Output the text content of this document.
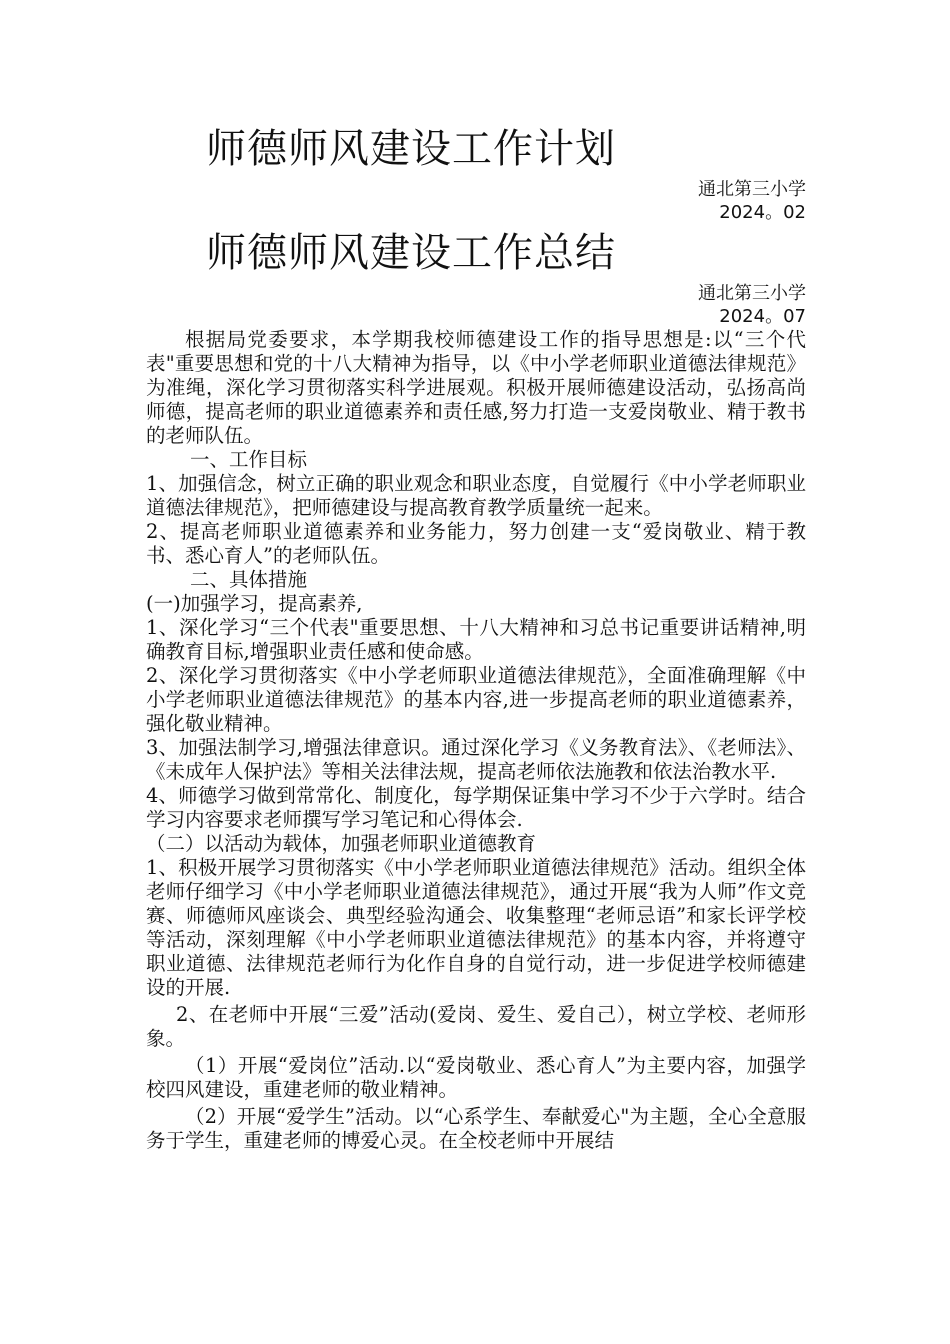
师德师风建设工作计划
通北第三小学
2024。02
师德师风建设工作总结
通北第三小学
2024。07

根据局党委要求，本学期我校师德建设工作的指导思想是:以“三个代表"重要思想和党的十八大精神为指导，以《中小学老师职业道德法律规范》为准绳，深化学习贯彻落实科学进展观。积极开展师德建设活动，弘扬高尚师德，提高老师的职业道德素养和责任感,努力打造一支爱岗敬业、精于教书的老师队伍。

一、工作目标

1、加强信念，树立正确的职业观念和职业态度，自觉履行《中小学老师职业道德法律规范》，把师德建设与提高教育教学质量统一起来。

2、提高老师职业道德素养和业务能力，努力创建一支“爱岗敬业、精于教书、悉心育人”的老师队伍。

二、具体措施

(一)加强学习，提高素养,

1、深化学习“三个代表"重要思想、十八大精神和习总书记重要讲话精神,明确教育目标,增强职业责任感和使命感。

2、深化学习贯彻落实《中小学老师职业道德法律规范》，全面准确理解《中小学老师职业道德法律规范》的基本内容,进一步提高老师的职业道德素养，强化敬业精神。

3、加强法制学习,增强法律意识。通过深化学习《义务教育法》、《老师法》、《未成年人保护法》等相关法律法规，提高老师依法施教和依法治教水平.

4、师德学习做到常常化、制度化，每学期保证集中学习不少于六学时。结合学习内容要求老师撰写学习笔记和心得体会.

（二）以活动为载体，加强老师职业道德教育

1、积极开展学习贯彻落实《中小学老师职业道德法律规范》活动。组织全体老师仔细学习《中小学老师职业道德法律规范》，通过开展“我为人师”作文竞赛、师德师风座谈会、典型经验沟通会、收集整理“老师忌语”和家长评学校等活动，深刻理解《中小学老师职业道德法律规范》的基本内容，并将遵守职业道德、法律规范老师行为化作自身的自觉行动，进一步促进学校师德建设的开展.

2、在老师中开展“三爱”活动(爱岗、爱生、爱自己），树立学校、老师形象。

（1）开展“爱岗位”活动.以“爱岗敬业、悉心育人”为主要内容，加强学校四风建设，重建老师的敬业精神。

（2）开展“爱学生”活动。以“心系学生、奉献爱心"为主题，全心全意服务于学生，重建老师的博爱心灵。在全校老师中开展结
